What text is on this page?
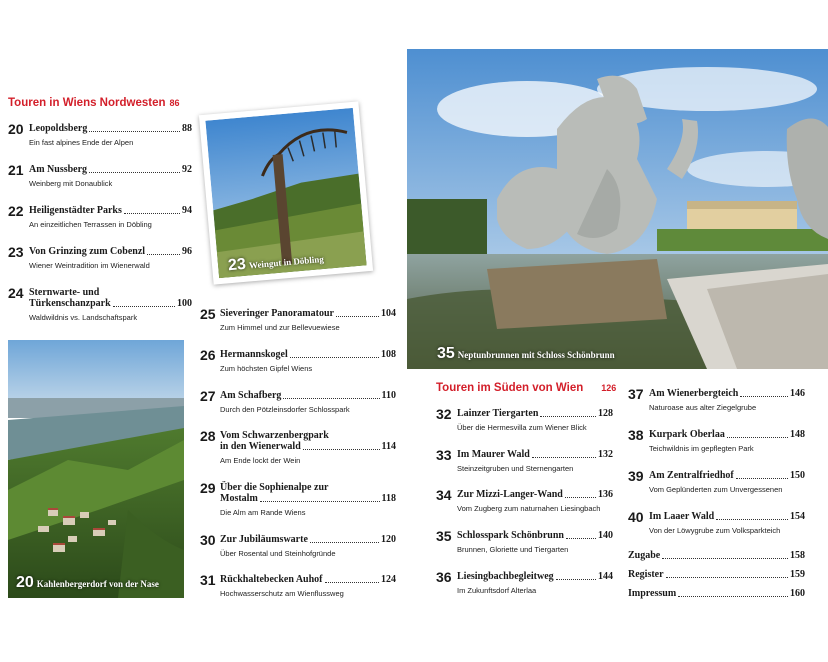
Touren in Wiens Nordwesten 86
20 Leopoldsberg	88
Ein fast alpines Ende der Alpen
21 Am Nussberg	92
Weinberg mit Donaublick
22 Heiligenstädter Parks	94
An einzeitlichen Terrassen in Döbling
23 Von Grinzing zum Cobenzl	96
Wiener Weintradition im Wienerwald
24 Sternwarte- und
Türkenschanzpark	100
Waldwildnis vs. Landschaftspark
20 Kahlenbergerdorf von der Nase
23 Weingut in Döbling
25 Sieveringer Panoramatour	104
Zum Himmel und zur Bellevuewiese
26 Hermannskogel	108
Zum höchsten Gipfel Wiens
27 Am Schafberg	110
Durch den Pötzleinsdorfer Schlosspark
28 Vom Schwarzenbergpark
in den Wienerwald	114
Am Ende lockt der Wein
29 Über die Sophienalpe zur
Mostalm	118
Die Alm am Rande Wiens
30 Zur Jubiläumswarte	120
Über Rosental und Steinhofgründe
31 Rückhaltebecken Auhof	124
Hochwasserschutz am Wienflussweg
35 Neptunbrunnen mit Schloss Schönbrunn
Touren im Süden von Wien 126
32 Lainzer Tiergarten	128
Über die Hermesvilla zum Wiener Blick
33 Im Maurer Wald	132
Steinzeitgruben und Sternengarten
34 Zur Mizzi-Langer-Wand	136
Vom Zugberg zum naturnahen Liesingbach
35 Schlosspark Schönbrunn	140
Brunnen, Gloriette und Tiergarten
36 Liesingbachbegleitweg	144
Im Zukunftsdorf Alterlaa
37 Am Wienerbergteich	146
Naturoase aus alter Ziegelgrube
38 Kurpark Oberlaa	148
Teichwildnis im gepflegten Park
39 Am Zentralfriedhof	150
Vom Geplünderten zum Unvergessenen
40 Im Laaer Wald	154
Von der Löwygrube zum Volksparkteich
Zugabe	158
Register	159
Impressum	160
